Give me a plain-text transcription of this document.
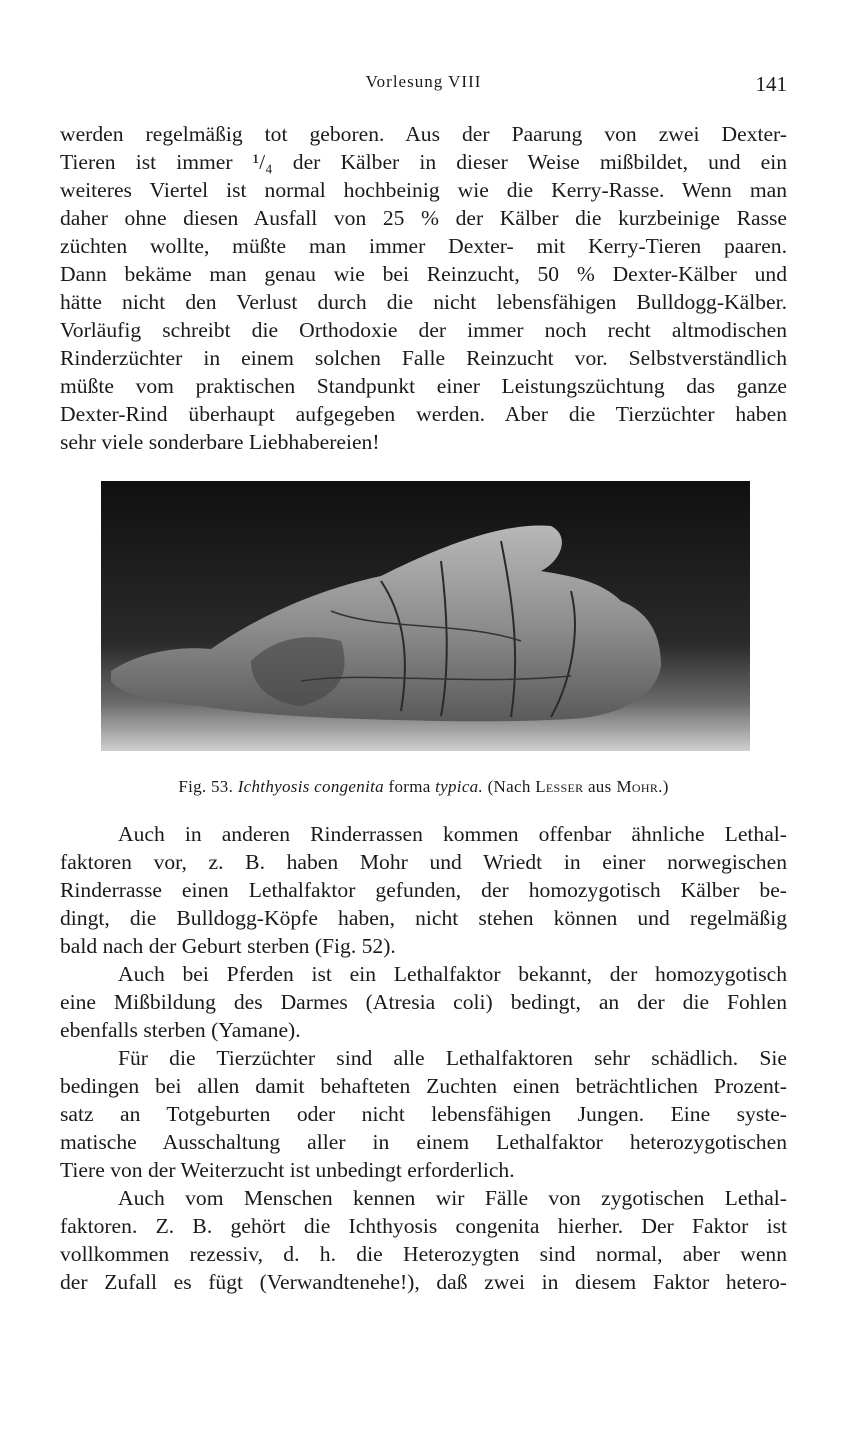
Vorlesung VIII	141
werden regelmäßig tot geboren. Aus der Paarung von zwei Dexter-
Tieren ist immer ¹/₄ der Kälber in dieser Weise mißbildet, und ein
weiteres Viertel ist normal hochbeinig wie die Kerry-Rasse. Wenn man
daher ohne diesen Ausfall von 25 % der Kälber die kurzbeinige Rasse
züchten wollte, müßte man immer Dexter- mit Kerry-Tieren paaren.
Dann bekäme man genau wie bei Reinzucht, 50 % Dexter-Kälber und
hätte nicht den Verlust durch die nicht lebensfähigen Bulldogg-Kälber.
Vorläufig schreibt die Orthodoxie der immer noch recht altmodischen
Rinderzüchter in einem solchen Falle Reinzucht vor. Selbstverständlich
müßte vom praktischen Standpunkt einer Leistungszüchtung das ganze
Dexter-Rind überhaupt aufgegeben werden. Aber die Tierzüchter haben
sehr viele sonderbare Liebhabereien!
Fig. 53. Ichthyosis congenita forma typica. (Nach Lesser aus Mohr.)
Auch in anderen Rinderrassen kommen offenbar ähnliche Lethal-
faktoren vor, z. B. haben Mohr und Wriedt in einer norwegischen
Rinderrasse einen Lethalfaktor gefunden, der homozygotisch Kälber be-
dingt, die Bulldogg-Köpfe haben, nicht stehen können und regelmäßig
bald nach der Geburt sterben (Fig. 52).
Auch bei Pferden ist ein Lethalfaktor bekannt, der homozygotisch
eine Mißbildung des Darmes (Atresia coli) bedingt, an der die Fohlen
ebenfalls sterben (Yamane).
Für die Tierzüchter sind alle Lethalfaktoren sehr schädlich. Sie
bedingen bei allen damit behafteten Zuchten einen beträchtlichen Prozent-
satz an Totgeburten oder nicht lebensfähigen Jungen. Eine syste-
matische Ausschaltung aller in einem Lethalfaktor heterozygotischen
Tiere von der Weiterzucht ist unbedingt erforderlich.
Auch vom Menschen kennen wir Fälle von zygotischen Lethal-
faktoren. Z. B. gehört die Ichthyosis congenita hierher. Der Faktor ist
vollkommen rezessiv, d. h. die Heterozygten sind normal, aber wenn
der Zufall es fügt (Verwandtenehe!), daß zwei in diesem Faktor hetero-
